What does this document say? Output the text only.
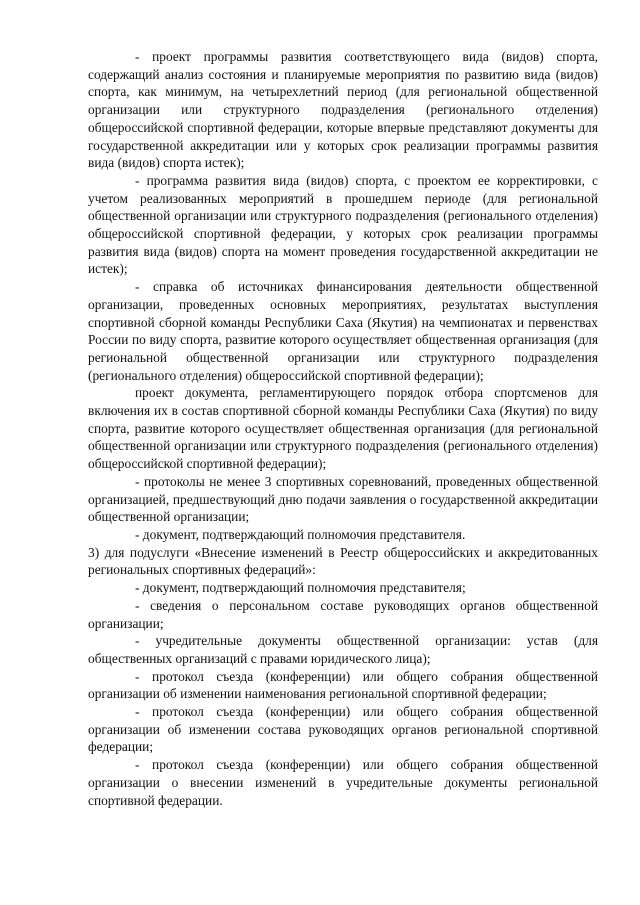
- проект программы развития соответствующего вида (видов) спорта, содержащий анализ состояния и планируемые мероприятия по развитию вида (видов) спорта, как минимум, на четырехлетний период (для региональной общественной организации или структурного подразделения (регионального отделения) общероссийской спортивной федерации, которые впервые представляют документы для государственной аккредитации или у которых срок реализации программы развития вида (видов) спорта истек);

- программа развития вида (видов) спорта, с проектом ее корректировки, с учетом реализованных мероприятий в прошедшем периоде (для региональной общественной организации или структурного подразделения (регионального отделения) общероссийской спортивной федерации, у которых срок реализации программы развития вида (видов) спорта на момент проведения государственной аккредитации не истек);

- справка об источниках финансирования деятельности общественной организации, проведенных основных мероприятиях, результатах выступления спортивной сборной команды Республики Саха (Якутия) на чемпионатах и первенствах России по виду спорта, развитие которого осуществляет общественная организация (для региональной общественной организации или структурного подразделения (регионального отделения) общероссийской спортивной федерации);

проект документа, регламентирующего порядок отбора спортсменов для включения их в состав спортивной сборной команды Республики Саха (Якутия) по виду спорта, развитие которого осуществляет общественная организация (для региональной общественной организации или структурного подразделения (регионального отделения) общероссийской спортивной федерации);

- протоколы не менее 3 спортивных соревнований, проведенных общественной организацией, предшествующий дню подачи заявления о государственной аккредитации общественной организации;

- документ, подтверждающий полномочия представителя.

3) для подуслуги «Внесение изменений в Реестр общероссийских и аккредитованных региональных спортивных федераций»:

- документ, подтверждающий полномочия представителя;

- сведения о персональном составе руководящих органов общественной организации;

- учредительные документы общественной организации: устав (для общественных организаций с правами юридического лица);

- протокол съезда (конференции) или общего собрания общественной организации об изменении наименования региональной спортивной федерации;

- протокол съезда (конференции) или общего собрания общественной организации об изменении состава руководящих органов региональной спортивной федерации;

- протокол съезда (конференции) или общего собрания общественной организации о внесении изменений в учредительные документы региональной спортивной федерации.
